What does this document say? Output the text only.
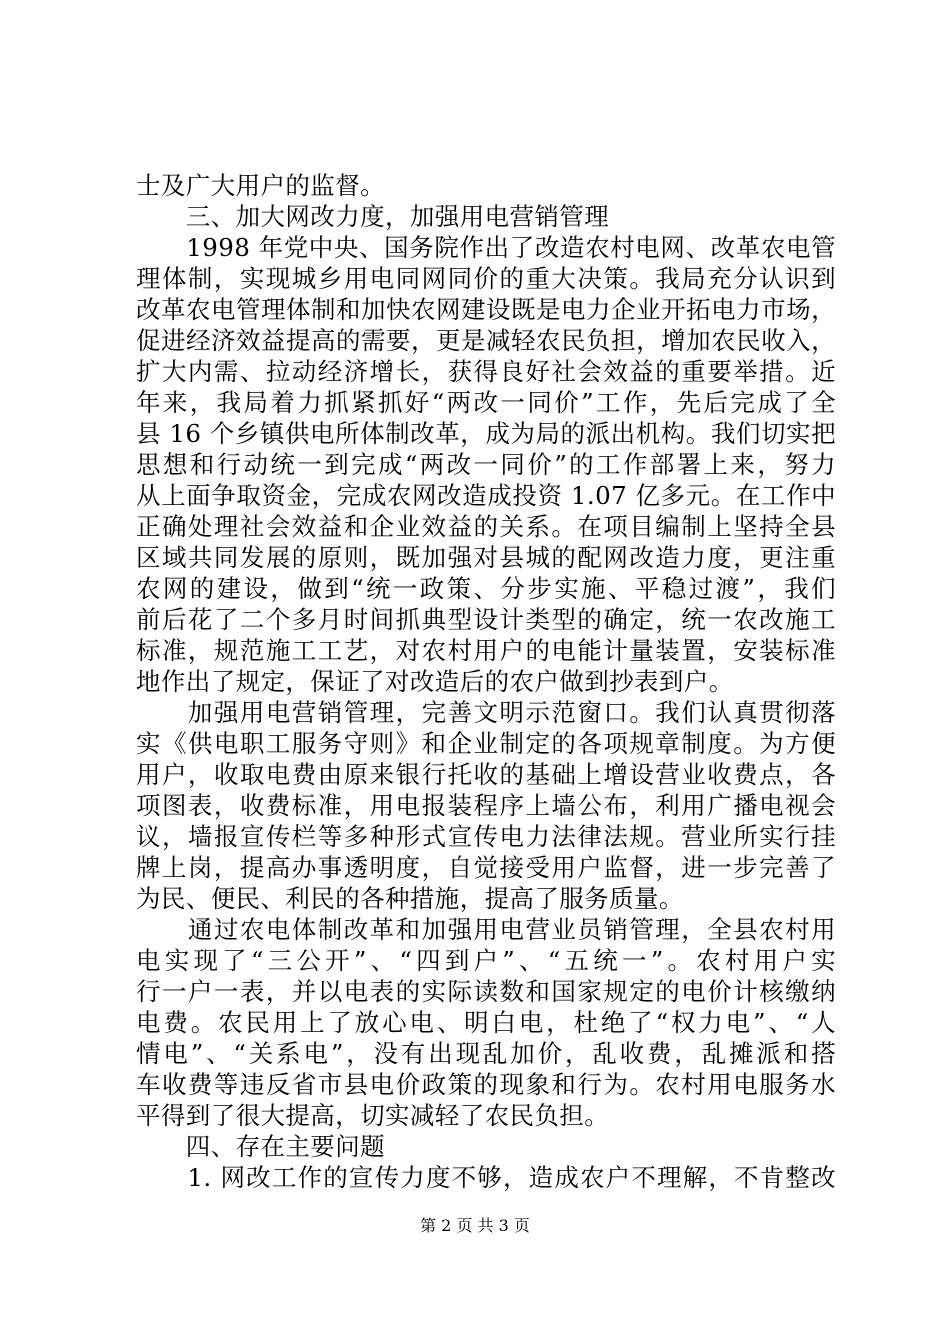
士及广大用户的监督。
　　三、加大网改力度，加强用电营销管理
　　1998 年党中央、国务院作出了改造农村电网、改革农电管
理体制，实现城乡用电同网同价的重大决策。我局充分认识到
改革农电管理体制和加快农网建设既是电力企业开拓电力市场，
促进经济效益提高的需要，更是减轻农民负担，增加农民收入，
扩大内需、拉动经济增长，获得良好社会效益的重要举措。近
年来，我局着力抓紧抓好“两改一同价”工作，先后完成了全
县 16 个乡镇供电所体制改革，成为局的派出机构。我们切实把
思想和行动统一到完成“两改一同价”的工作部署上来，努力
从上面争取资金，完成农网改造成投资 1.07 亿多元。在工作中
正确处理社会效益和企业效益的关系。在项目编制上坚持全县
区域共同发展的原则，既加强对县城的配网改造力度，更注重
农网的建设，做到“统一政策、分步实施、平稳过渡”，我们
前后花了二个多月时间抓典型设计类型的确定，统一农改施工
标准，规范施工工艺，对农村用户的电能计量装置，安装标准
地作出了规定，保证了对改造后的农户做到抄表到户。
　　加强用电营销管理，完善文明示范窗口。我们认真贯彻落
实《供电职工服务守则》和企业制定的各项规章制度。为方便
用户，收取电费由原来银行托收的基础上增设营业收费点，各
项图表，收费标准，用电报装程序上墙公布，利用广播电视会
议，墙报宣传栏等多种形式宣传电力法律法规。营业所实行挂
牌上岗，提高办事透明度，自觉接受用户监督，进一步完善了
为民、便民、利民的各种措施，提高了服务质量。
　　通过农电体制改革和加强用电营业员销管理，全县农村用
电实现了“三公开”、“四到户”、“五统一”。农村用户实
行一户一表，并以电表的实际读数和国家规定的电价计核缴纳
电费。农民用上了放心电、明白电，杜绝了“权力电”、“人
情电”、“关系电”，没有出现乱加价，乱收费，乱摊派和搭
车收费等违反省市县电价政策的现象和行为。农村用电服务水
平得到了很大提高，切实减轻了农民负担。
　　四、存在主要问题
　　1. 网改工作的宣传力度不够，造成农户不理解，不肯整改
第 2 页 共 3 页
